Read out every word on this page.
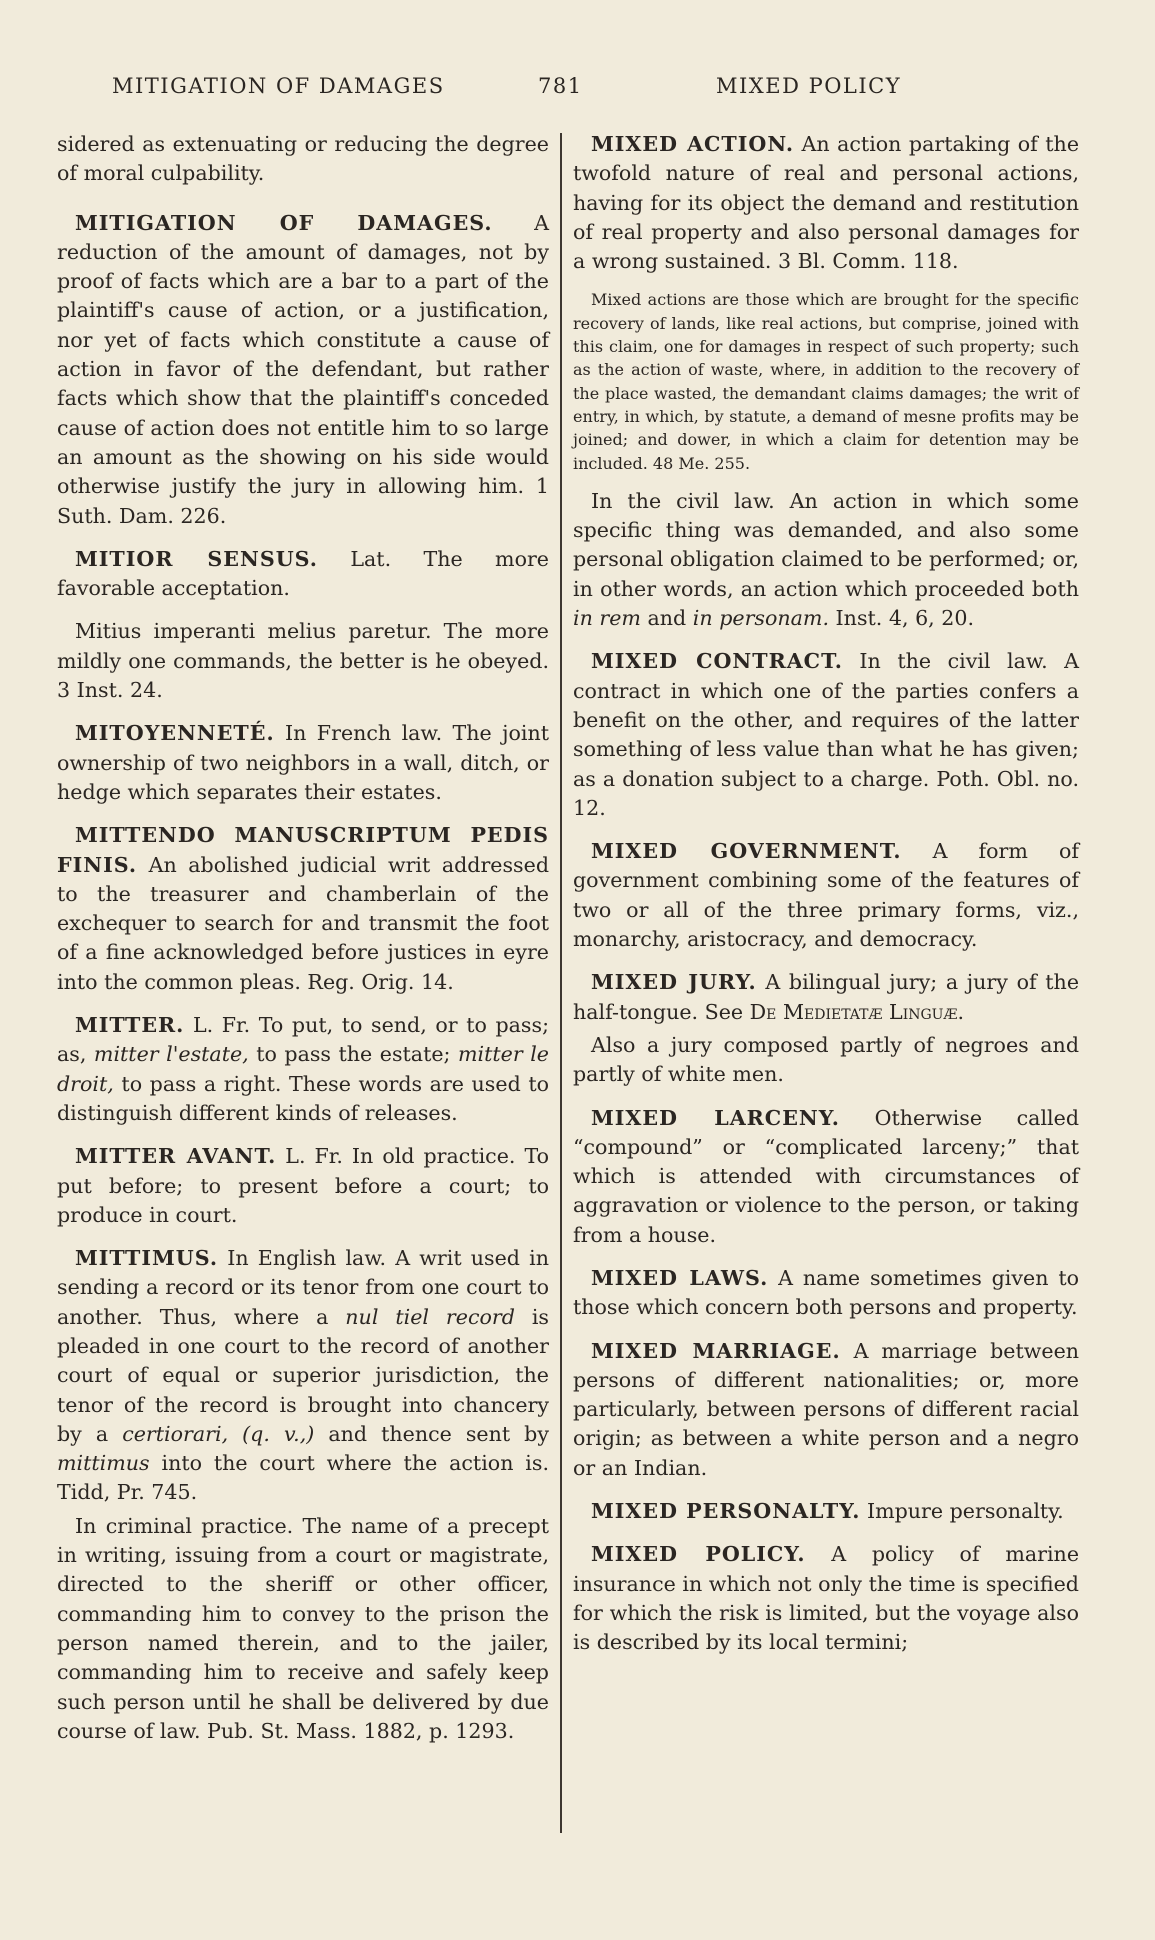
MITIGATION OF DAMAGES	781	MIXED POLICY

sidered as extenuating or reducing the degree of moral culpability.

MITIGATION OF DAMAGES. A reduction of the amount of damages, not by proof of facts which are a bar to a part of the plaintiff's cause of action, or a justification, nor yet of facts which constitute a cause of action in favor of the defendant, but rather facts which show that the plaintiff's conceded cause of action does not entitle him to so large an amount as the showing on his side would otherwise justify the jury in allowing him. 1 Suth. Dam. 226.

MITIOR SENSUS. Lat. The more favorable acceptation.

Mitius imperanti melius paretur. The more mildly one commands, the better is he obeyed. 3 Inst. 24.

MITOYENNETÉ. In French law. The joint ownership of two neighbors in a wall, ditch, or hedge which separates their estates.

MITTENDO MANUSCRIPTUM PEDIS FINIS. An abolished judicial writ addressed to the treasurer and chamberlain of the exchequer to search for and transmit the foot of a fine acknowledged before justices in eyre into the common pleas. Reg. Orig. 14.

MITTER. L. Fr. To put, to send, or to pass; as, mitter l'estate, to pass the estate; mitter le droit, to pass a right. These words are used to distinguish different kinds of releases.

MITTER AVANT. L. Fr. In old practice. To put before; to present before a court; to produce in court.

MITTIMUS. In English law. A writ used in sending a record or its tenor from one court to another. Thus, where a nul tiel record is pleaded in one court to the record of another court of equal or superior jurisdiction, the tenor of the record is brought into chancery by a certiorari, (q. v.,) and thence sent by mittimus into the court where the action is. Tidd, Pr. 745.

In criminal practice. The name of a precept in writing, issuing from a court or magistrate, directed to the sheriff or other officer, commanding him to convey to the prison the person named therein, and to the jailer, commanding him to receive and safely keep such person until he shall be delivered by due course of law. Pub. St. Mass. 1882, p. 1293.

MIXED ACTION. An action partaking of the twofold nature of real and personal actions, having for its object the demand and restitution of real property and also personal damages for a wrong sustained. 3 Bl. Comm. 118.

Mixed actions are those which are brought for the specific recovery of lands, like real actions, but comprise, joined with this claim, one for damages in respect of such property; such as the action of waste, where, in addition to the recovery of the place wasted, the demandant claims damages; the writ of entry, in which, by statute, a demand of mesne profits may be joined; and dower, in which a claim for detention may be included. 48 Me. 255.

In the civil law. An action in which some specific thing was demanded, and also some personal obligation claimed to be performed; or, in other words, an action which proceeded both in rem and in personam. Inst. 4, 6, 20.

MIXED CONTRACT. In the civil law. A contract in which one of the parties confers a benefit on the other, and requires of the latter something of less value than what he has given; as a donation subject to a charge. Poth. Obl. no. 12.

MIXED GOVERNMENT. A form of government combining some of the features of two or all of the three primary forms, viz., monarchy, aristocracy, and democracy.

MIXED JURY. A bilingual jury; a jury of the half-tongue. See De Medietatæ Linguæ.

Also a jury composed partly of negroes and partly of white men.

MIXED LARCENY. Otherwise called “compound” or “complicated larceny;” that which is attended with circumstances of aggravation or violence to the person, or taking from a house.

MIXED LAWS. A name sometimes given to those which concern both persons and property.

MIXED MARRIAGE. A marriage between persons of different nationalities; or, more particularly, between persons of different racial origin; as between a white person and a negro or an Indian.

MIXED PERSONALTY. Impure personalty.

MIXED POLICY. A policy of marine insurance in which not only the time is specified for which the risk is limited, but the voyage also is described by its local termini;
